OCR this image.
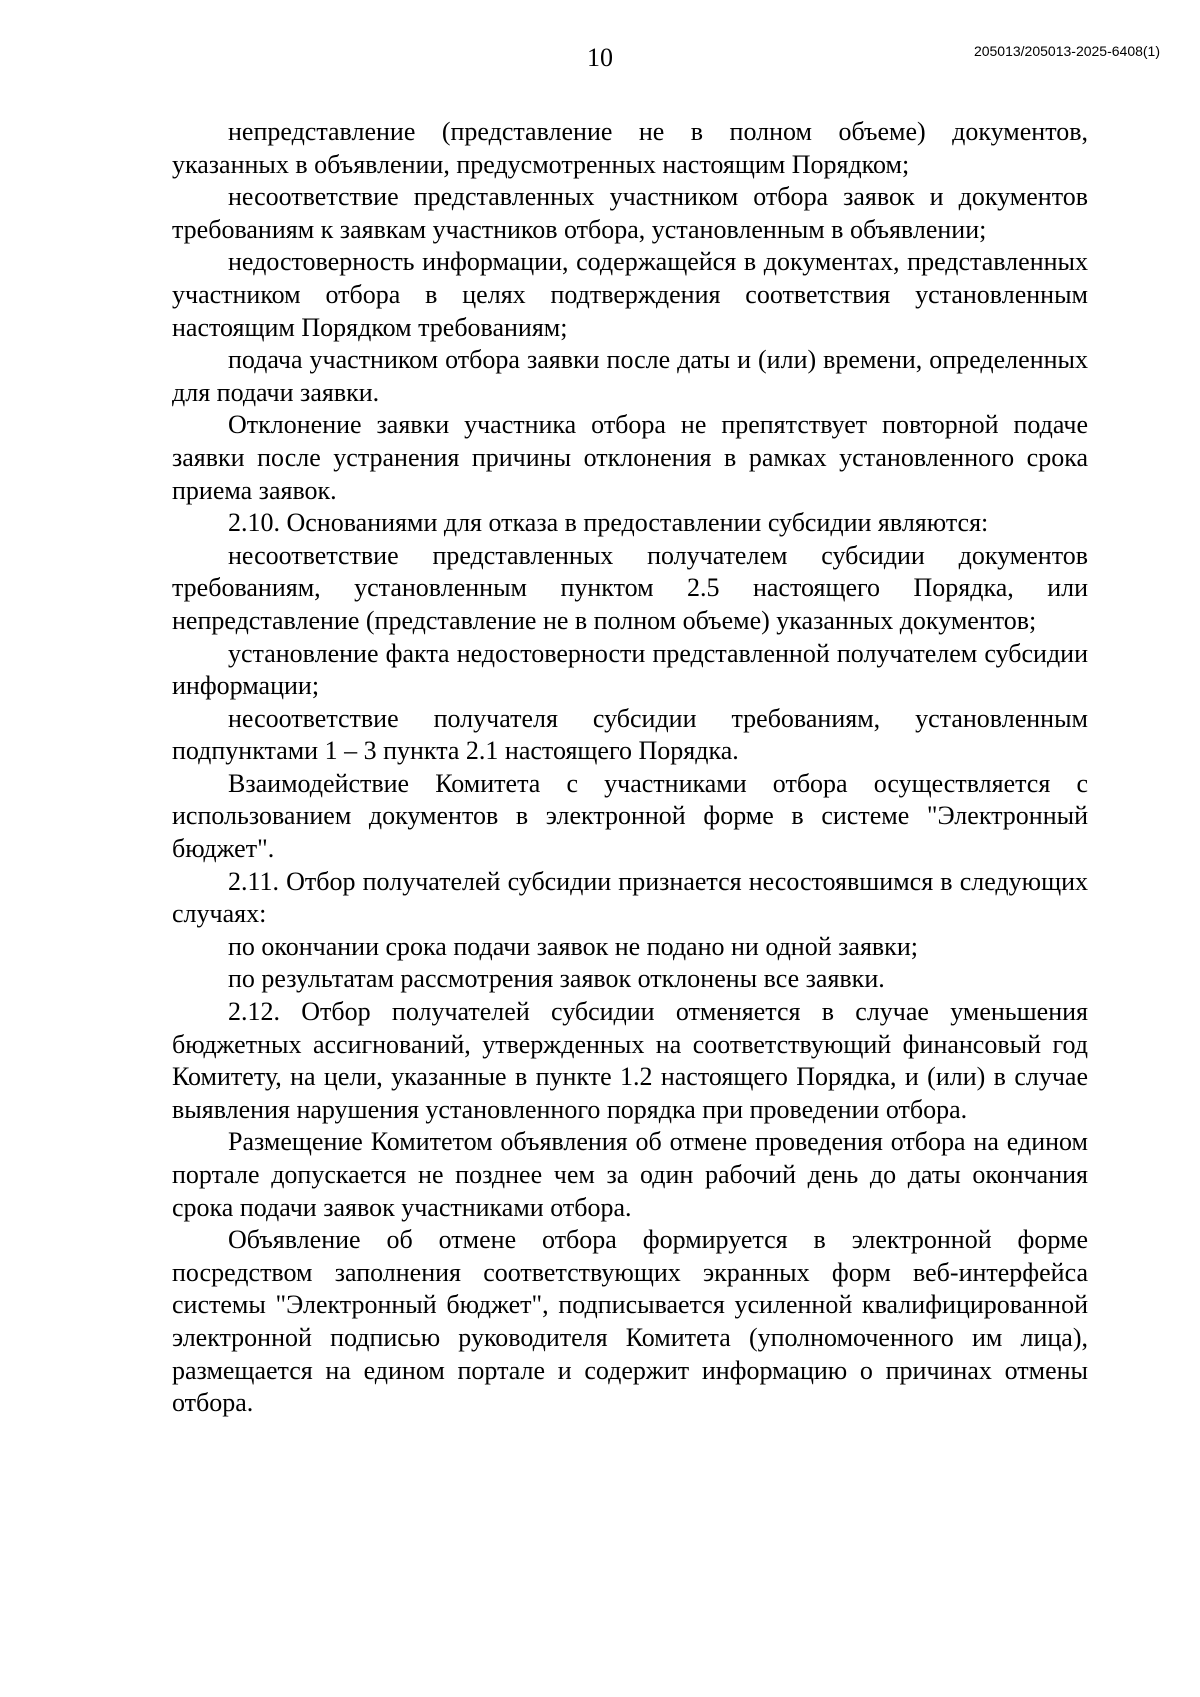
10	205013/205013-2025-6408(1)

непредставление (представление не в полном объеме) документов, указанных в объявлении, предусмотренных настоящим Порядком;

несоответствие представленных участником отбора заявок и документов требованиям к заявкам участников отбора, установленным в объявлении;

недостоверность информации, содержащейся в документах, представленных участником отбора в целях подтверждения соответствия установленным настоящим Порядком требованиям;

подача участником отбора заявки после даты и (или) времени, определенных для подачи заявки.

Отклонение заявки участника отбора не препятствует повторной подаче заявки после устранения причины отклонения в рамках установленного срока приема заявок.

2.10. Основаниями для отказа в предоставлении субсидии являются:

несоответствие представленных получателем субсидии документов требованиям, установленным пунктом 2.5 настоящего Порядка, или непредставление (представление не в полном объеме) указанных документов;

установление факта недостоверности представленной получателем субсидии информации;

несоответствие получателя субсидии требованиям, установленным подпунктами 1 – 3 пункта 2.1 настоящего Порядка.

Взаимодействие Комитета с участниками отбора осуществляется с использованием документов в электронной форме в системе "Электронный бюджет".

2.11. Отбор получателей субсидии признается несостоявшимся в следующих случаях:

по окончании срока подачи заявок не подано ни одной заявки;

по результатам рассмотрения заявок отклонены все заявки.

2.12. Отбор получателей субсидии отменяется в случае уменьшения бюджетных ассигнований, утвержденных на соответствующий финансовый год Комитету, на цели, указанные в пункте 1.2 настоящего Порядка, и (или) в случае выявления нарушения установленного порядка при проведении отбора.

Размещение Комитетом объявления об отмене проведения отбора на едином портале допускается не позднее чем за один рабочий день до даты окончания срока подачи заявок участниками отбора.

Объявление об отмене отбора формируется в электронной форме посредством заполнения соответствующих экранных форм веб-интерфейса системы "Электронный бюджет", подписывается усиленной квалифицированной электронной подписью руководителя Комитета (уполномоченного им лица), размещается на едином портале и содержит информацию о причинах отмены отбора.
